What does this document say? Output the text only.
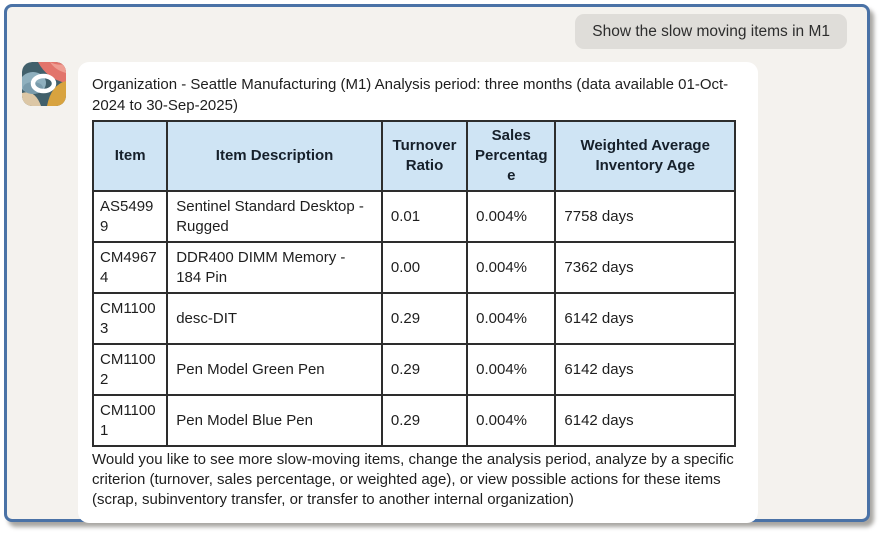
Show the slow moving items in M1

Organization - Seattle Manufacturing (M1) Analysis period: three months (data available 01-Oct-2024 to 30-Sep-2025)

Item	Item Description	Turnover Ratio	Sales Percentage	Weighted Average Inventory Age
AS54999	Sentinel Standard Desktop - Rugged	0.01	0.004%	7758 days
CM49674	DDR400 DIMM Memory - 184 Pin	0.00	0.004%	7362 days
CM11003	desc-DIT	0.29	0.004%	6142 days
CM11002	Pen Model Green Pen	0.29	0.004%	6142 days
CM11001	Pen Model Blue Pen	0.29	0.004%	6142 days

Would you like to see more slow-moving items, change the analysis period, analyze by a specific criterion (turnover, sales percentage, or weighted age), or view possible actions for these items (scrap, subinventory transfer, or transfer to another internal organization)
